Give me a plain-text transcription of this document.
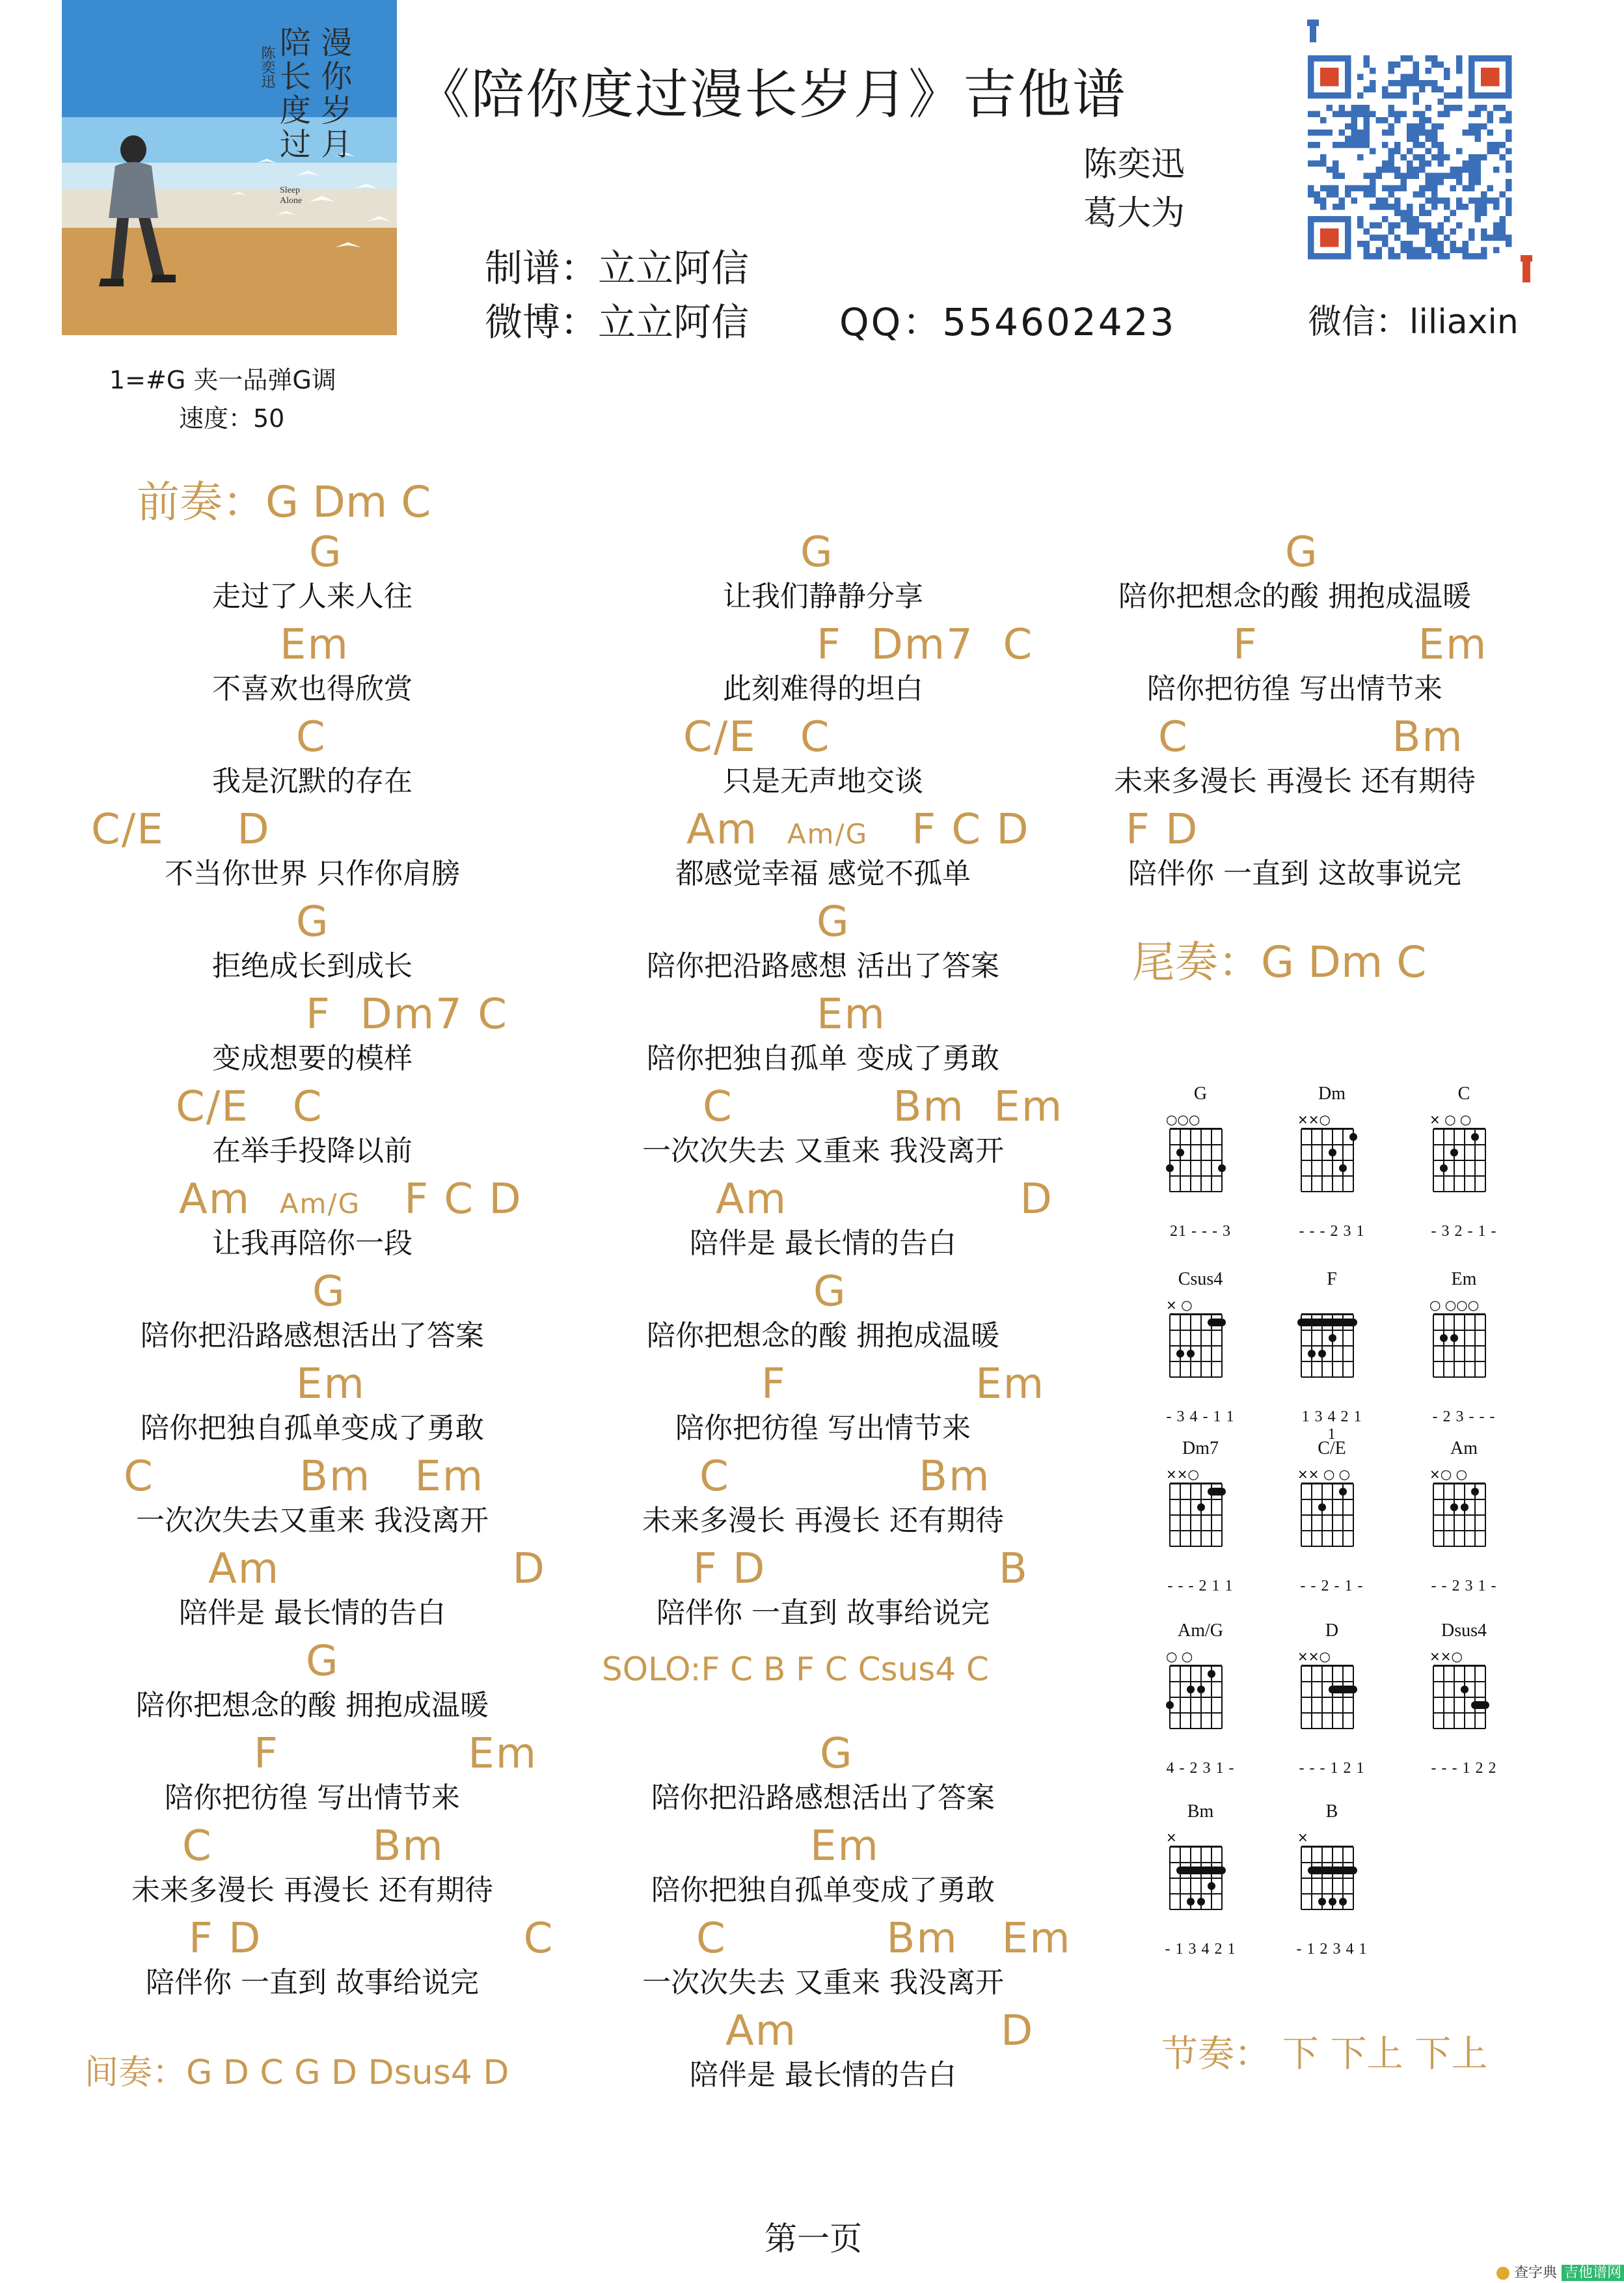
陪 漫
长 你
度 岁
过 月
陈奕迅
Sleep Alone
《陪你度过漫长岁月》吉他谱
陈奕迅
葛大为
制谱：立立阿信
微博：立立阿信 QQ：554602423	微信：liliaxin
1=#G 夹一品弹G调
速度：50
前奏：G Dm C
G
走过了人来人往
Em
不喜欢也得欣赏
C
我是沉默的存在
C/E     D
不当你世界 只作你肩膀
G
拒绝成长到成长
F  Dm7 C
变成想要的模样
C/E   C
在举手投降以前
Am Am/G F C D
让我再陪你一段
G
陪你把沿路感想活出了答案
Em
陪你把独自孤单变成了勇敢
C          Bm   Em
一次次失去又重来 我没离开
Am                D
陪伴是 最长情的告白
G
陪你把想念的酸 拥抱成温暖
F             Em
陪你把彷徨 写出情节来
C           Bm
未来多漫长 再漫长 还有期待
F D                  C
陪伴你 一直到 故事给说完
G
让我们静静分享
F  Dm7  C
此刻难得的坦白
C/E   C
只是无声地交谈
Am Am/G F C D
都感觉幸福 感觉不孤单
G
陪你把沿路感想 活出了答案
Em
陪你把独自孤单 变成了勇敢
C           Bm  Em
一次次失去 又重来 我没离开
Am                D
陪伴是 最长情的告白
G
陪你把想念的酸 拥抱成温暖
F             Em
陪你把彷徨 写出情节来
C             Bm
未来多漫长 再漫长 还有期待
F D                B
陪伴你 一直到 故事给说完
SOLO:F C B F C Csus4 C
G
陪你把沿路感想活出了答案
Em
陪你把独自孤单变成了勇敢
C           Bm   Em
一次次失去 又重来 我没离开
Am              D
陪伴是 最长情的告白
G
陪你把想念的酸 拥抱成温暖
F           Em
陪你把彷徨 写出情节来
C              Bm
未来多漫长 再漫长 还有期待
F D
陪伴你 一直到 这故事说完
间奏：G D C G D Dsus4 D
尾奏：G Dm C
节奏： 下 下上 下上
G
○○○
21 - - - 3
Dm
××○
- - - 2 3 1
C
× ○ ○
- 3 2 - 1 -
Csus4
× ○
- 3 4 - 1 1
F
1 3 4 2 1 1
Em
○ ○○○
- 2 3 - - -
Dm7
××○
- - - 2 1 1
C/E
×× ○ ○
- - 2 - 1 -
Am
×○ ○
- - 2 3 1 -
Am/G
○ ○
4 - 2 3 1 -
D
××○
- - - 1 2 1
Dsus4
××○
- - - 1 2 2
Bm
×
- 1 3 4 2 1
B
×
- 1 2 3 4 1
第一页
查字典 吉他谱网
